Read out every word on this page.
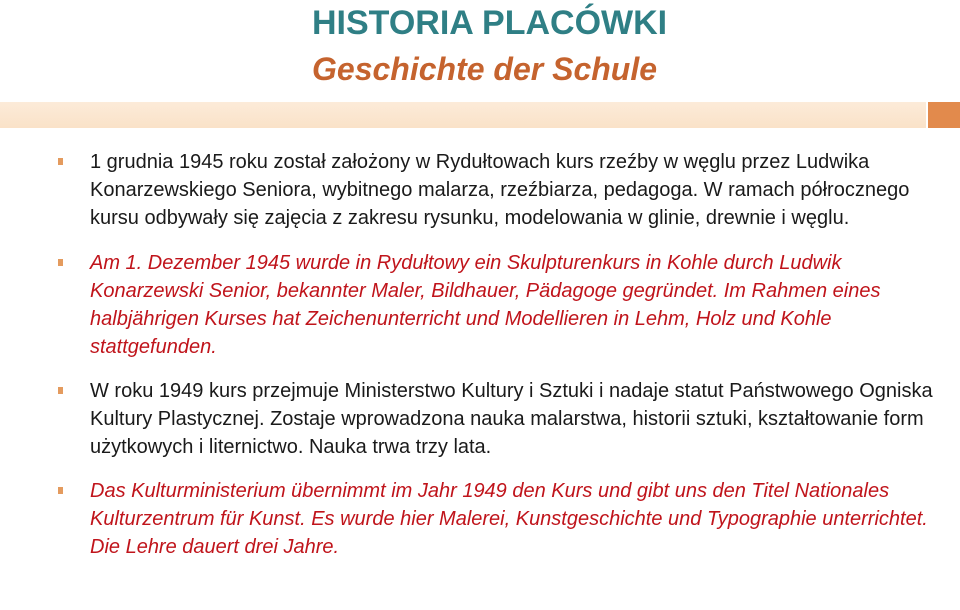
HISTORIA PLACÓWKI
Geschichte der Schule
1 grudnia 1945 roku został założony w Rydułtowach kurs rzeźby w węglu przez Ludwika Konarzewskiego Seniora, wybitnego malarza, rzeźbiarza, pedagoga. W ramach półrocznego kursu odbywały się zajęcia z zakresu rysunku, modelowania w glinie, drewnie i węglu.
Am 1. Dezember 1945 wurde in Rydułtowy ein Skulpturenkurs in Kohle durch Ludwik Konarzewski Senior, bekannter Maler, Bildhauer, Pädagoge gegründet. Im Rahmen eines halbjährigen Kurses hat Zeichenunterricht und Modellieren in Lehm, Holz und Kohle stattgefunden.
W roku 1949 kurs przejmuje Ministerstwo Kultury i Sztuki i nadaje statut Państwowego Ogniska Kultury Plastycznej. Zostaje wprowadzona nauka malarstwa, historii sztuki, kształtowanie form użytkowych i liternictwo. Nauka trwa trzy lata.
Das Kulturministerium übernimmt im Jahr 1949 den Kurs und gibt uns den Titel Nationales Kulturzentrum für Kunst. Es wurde hier Malerei, Kunstgeschichte und Typographie unterrichtet. Die Lehre dauert drei Jahre.
